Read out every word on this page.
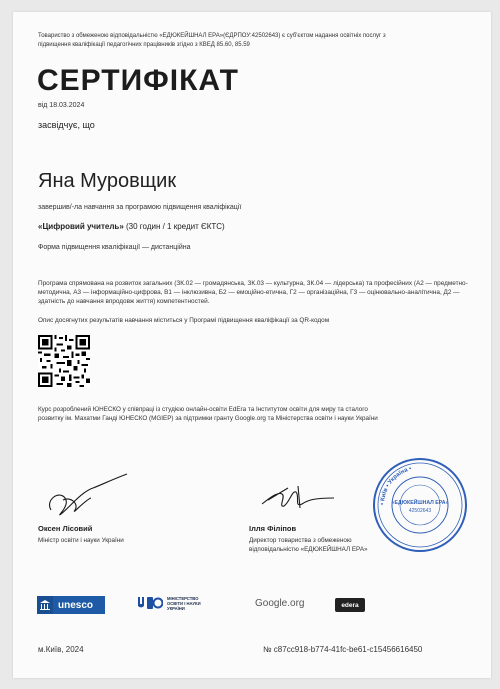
Товариство з обмеженою відповідальністю «ЕДЮКЕЙШНАЛ ЕРА»(ЄДРПОУ:42502643) є суб'єктом надання освітніх послуг з підвищення кваліфікації педагогічних працівників згідно з КВЕД 85.60, 85.59
СЕРТИФІКАТ
від 18.03.2024
засвідчує, що
Яна Муровщик
завершив/-ла навчання за програмою підвищення кваліфікації
«Цифровий учитель» (30 годин / 1 кредит ЄКТС)
Форма підвищення кваліфікації — дистанційна
Програма спрямована на розвиток загальних (ЗК.02 — громадянська, ЗК.03 — культурна, ЗК.04 — лідерська) та професійних (А2 — предметно-методична, А3 — інформаційно-цифрова, В1 — інклюзивна, Б2 — емоційно-етична, Г2 — організаційна, Г3 — оцінювально-аналітична, Д2 — здатність до навчання впродовж життя) компетентностей.
Опис досягнутих результатів навчання міститься у Програмі підвищення кваліфікації за QR-кодом
Курс розроблений ЮНЕСКО у співпраці із студією онлайн-освіти EdEra та Інститутом освіти для миру та сталого розвитку ім. Махатми Ганді ЮНЕСКО (MGIEP) за підтримки гранту Google.org та Міністерства освіти і науки України
Оксен Лісовий
Міністр освіти і науки України
Ілля Філіпов
Директор товариства з обмеженою відповідальністю «ЕДЮКЕЙШНАЛ ЕРА»
• Київ • Україна •
«ЕДЮКЕЙШНАЛ ЕРА»
42502643
unesco
МІНІСТЕРСТВО ОСВІТИ І НАУКИ УКРАЇНИ	Google.org	edera
м.Київ, 2024	№ c87cc918-b774-41fc-be61-c15456616450
